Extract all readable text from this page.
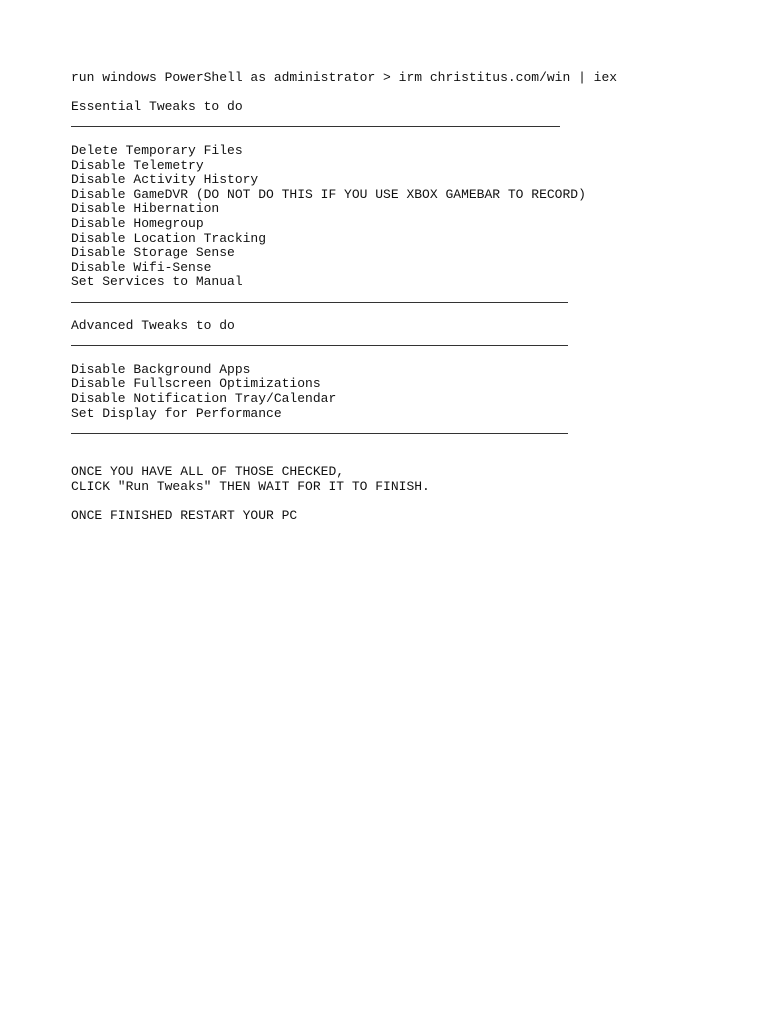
run windows PowerShell as administrator > irm christitus.com/win | iex

Essential Tweaks to do

Delete Temporary Files

Disable Telemetry

Disable Activity History

Disable GameDVR (DO NOT DO THIS IF YOU USE XBOX GAMEBAR TO RECORD)

Disable Hibernation

Disable Homegroup

Disable Location Tracking

Disable Storage Sense

Disable Wifi-Sense

Set Services to Manual

Advanced Tweaks to do

Disable Background Apps

Disable Fullscreen Optimizations

Disable Notification Tray/Calendar

Set Display for Performance

ONCE YOU HAVE ALL OF THOSE CHECKED,

CLICK "Run Tweaks" THEN WAIT FOR IT TO FINISH.

ONCE FINISHED RESTART YOUR PC
